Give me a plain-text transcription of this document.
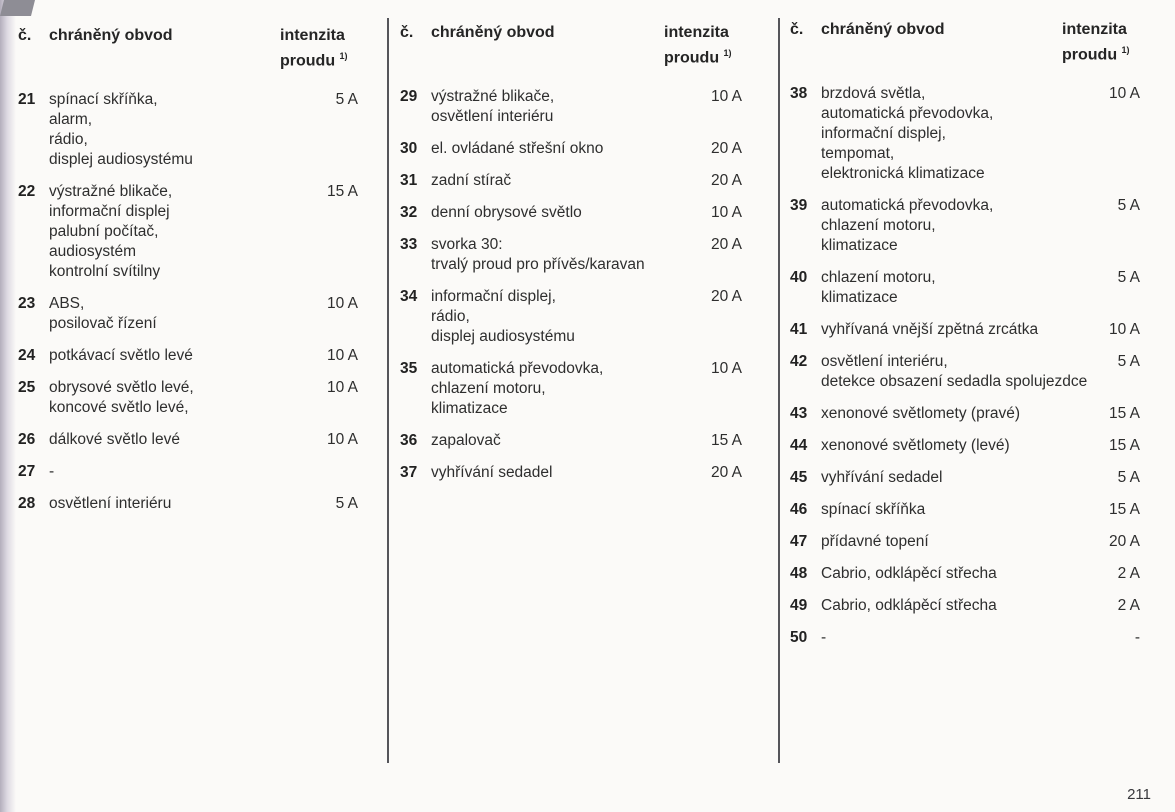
č.	chráněný obvod	intenzita
proudu $^{1)}$
21 spínací skříňka,
alarm,
rádio,
displej audiosystému
5 A
22 výstražné blikače,
informační displej
palubní počítač,
audiosystém
kontrolní svítilny
15 A
23 ABS,
posilovač řízení
10 A
24 potkávací světlo levé	10 A
25 obrysové světlo levé,
koncové světlo levé,
10 A
26 dálkové světlo levé	10 A
27 -
28 osvětlení interiéru	5 A
č.	chráněný obvod	intenzita
proudu $^{1)}$
29 výstražné blikače,
osvětlení interiéru
10 A
30 el. ovládané střešní okno	20 A
31 zadní stírač	20 A
32 denní obrysové světlo	10 A
33 svorka 30:
trvalý proud pro přívěs/karavan
20 A
34 informační displej,
rádio,
displej audiosystému
20 A
35 automatická převodovka,
chlazení motoru,
klimatizace
10 A
36 zapalovač	15 A
37 vyhřívání sedadel	20 A
č.	chráněný obvod	intenzita
proudu $^{1)}$
38 brzdová světla,
automatická převodovka,
informační displej,
tempomat,
elektronická klimatizace
10 A
39 automatická převodovka,
chlazení motoru,
klimatizace
5 A
40 chlazení motoru,
klimatizace
5 A
41 vyhřívaná vnější zpětná zrcátka	10 A
42 osvětlení interiéru,
detekce obsazení sedadla spolujezdce
5 A
43 xenonové světlomety (pravé)	15 A
44 xenonové světlomety (levé)	15 A
45 vyhřívání sedadel	5 A
46 spínací skříňka	15 A
47 přídavné topení	20 A
48 Cabrio, odklápěcí střecha	2 A
49 Cabrio, odklápěcí střecha	2 A
50 -	-
211
